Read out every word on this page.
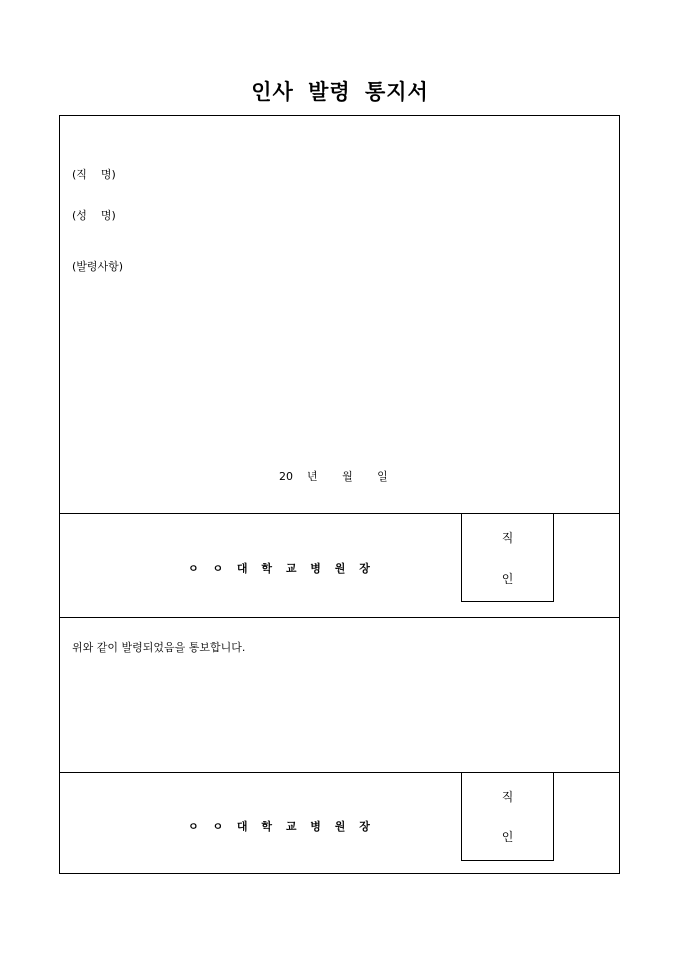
인사 발령 통지서
(직    명)
(성    명)
(발령사항)
20    년       월       일
ㅇ ㅇ 대 학 교 병 원 장
직
인
위와 같이 발령되었음을 통보합니다.
ㅇ ㅇ 대 학 교 병 원 장
직
인
